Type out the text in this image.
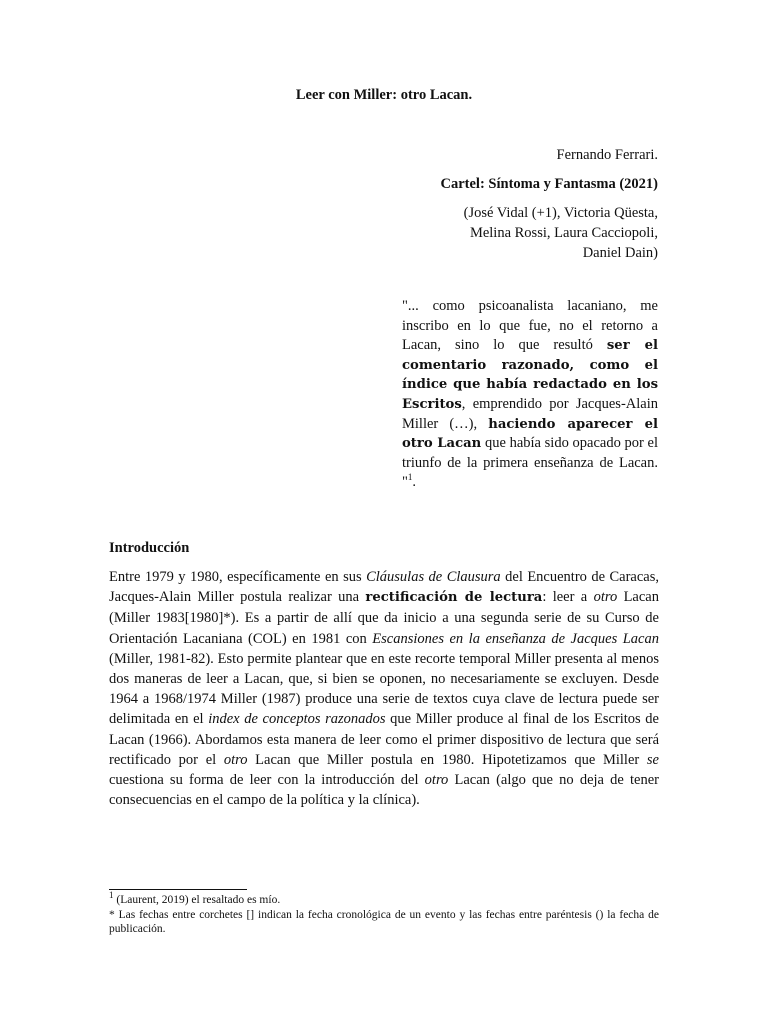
Leer con Miller: otro Lacan.

Fernando Ferrari.

Cartel: Síntoma y Fantasma (2021)

(José Vidal (+1), Victoria Qüesta,
Melina Rossi, Laura Cacciopoli,
Daniel Dain)

"... como psicoanalista lacaniano, me inscribo en lo que fue, no el retorno a Lacan, sino lo que resultó ser el comentario razonado, como el índice que había redactado en los Escritos, emprendido por Jacques-Alain Miller (…), haciendo aparecer el otro Lacan que había sido opacado por el triunfo de la primera enseñanza de Lacan. "$^1$.

Introducción

Entre 1979 y 1980, específicamente en sus Cláusulas de Clausura del Encuentro de Caracas, Jacques-Alain Miller postula realizar una rectificación de lectura: leer a otro Lacan (Miller 1983[1980]*). Es a partir de allí que da inicio a una segunda serie de su Curso de Orientación Lacaniana (COL) en 1981 con Escansiones en la enseñanza de Jacques Lacan (Miller, 1981-82). Esto permite plantear que en este recorte temporal Miller presenta al menos dos maneras de leer a Lacan, que, si bien se oponen, no necesariamente se excluyen. Desde 1964 a 1968/1974 Miller (1987) produce una serie de textos cuya clave de lectura puede ser delimitada en el index de conceptos razonados que Miller produce al final de los Escritos de Lacan (1966). Abordamos esta manera de leer como el primer dispositivo de lectura que será rectificado por el otro Lacan que Miller postula en 1980. Hipotetizamos que Miller se cuestiona su forma de leer con la introducción del otro Lacan (algo que no deja de tener consecuencias en el campo de la política y la clínica).

$^1$ (Laurent, 2019) el resaltado es mío.

* Las fechas entre corchetes [] indican la fecha cronológica de un evento y las fechas entre paréntesis () la fecha de publicación.
